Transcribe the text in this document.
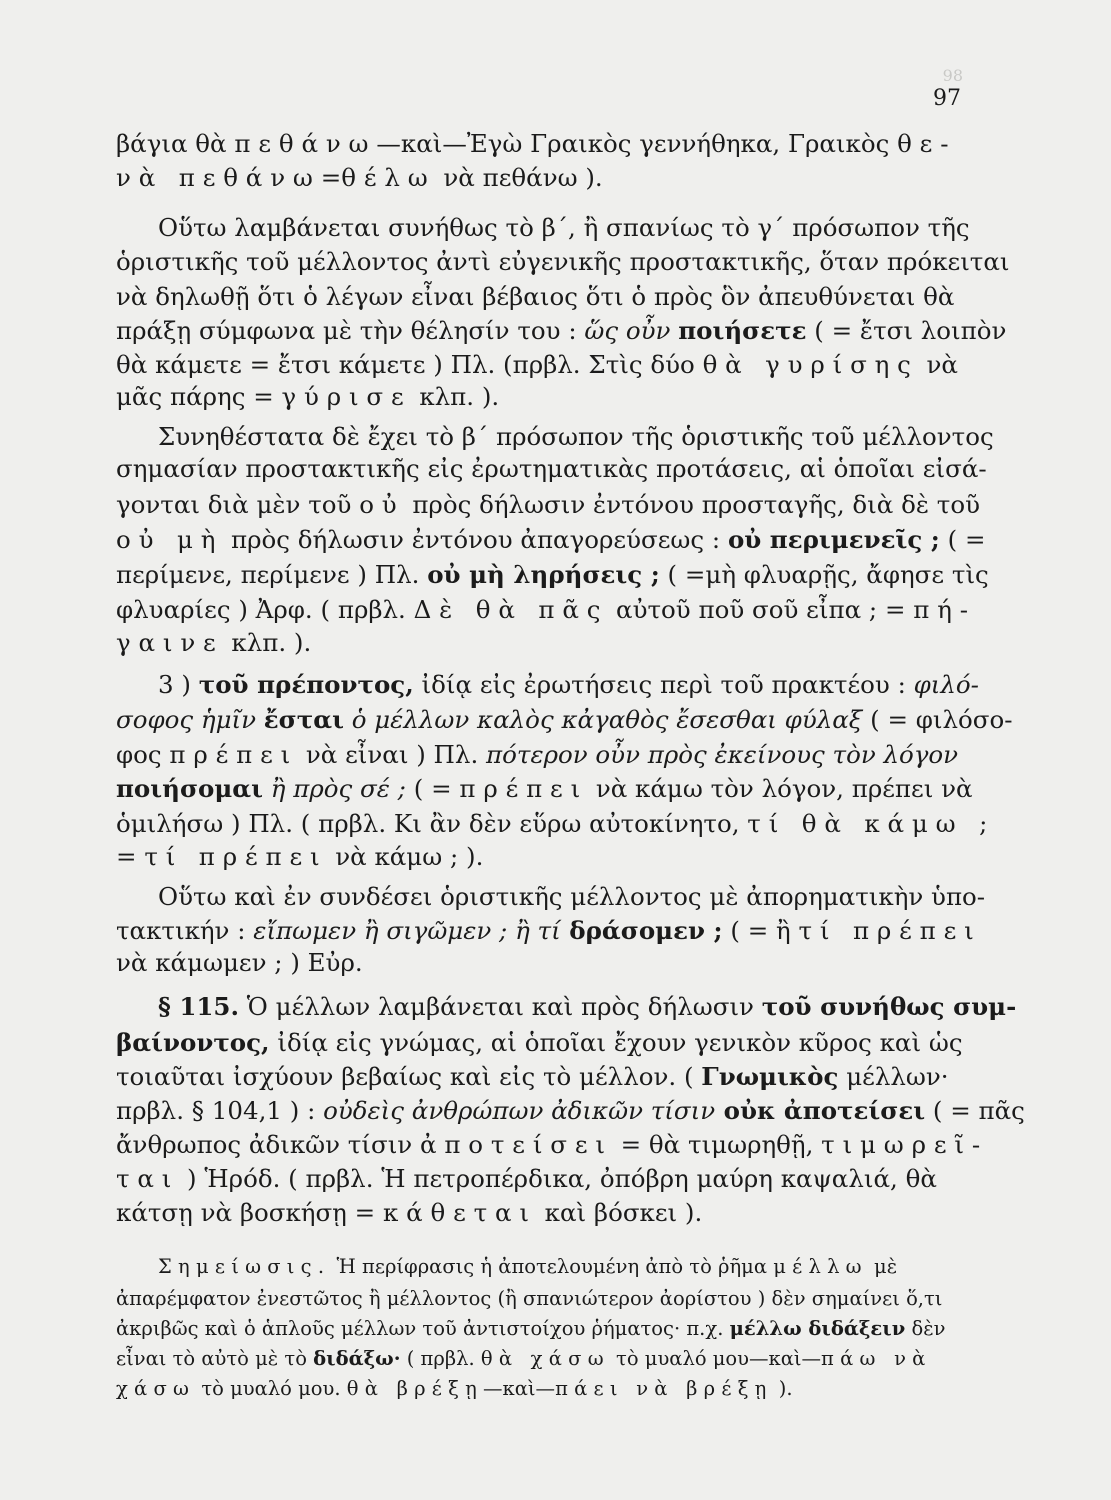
98
97
βάγια θὰ πεθάνω—καὶ—Ἐγὼ Γραικὸς γεννήθηκα, Γραικὸς θε-
νὰ πεθάνω=θέλω νὰ πεθάνω ).
Οὕτω λαμβάνεται συνήθως τὸ β΄, ἢ σπανίως τὸ γ΄ πρόσωπον τῆς
ὁριστικῆς τοῦ μέλλοντος ἀντὶ εὐγενικῆς προστακτικῆς, ὅταν πρόκειται
νὰ δηλωθῇ ὅτι ὁ λέγων εἶναι βέβαιος ὅτι ὁ πρὸς ὃν ἀπευθύνεται θὰ
πράξῃ σύμφωνα μὲ τὴν θέλησίν του : ὥς οὖν ποιήσετε ( = ἔτσι λοιπὸν
θὰ κάμετε = ἔτσι κάμετε ) Πλ. (πρβλ. Στὶς δύο θὰ γυρίσης νὰ
μᾶς πάρης = γύρισε κλπ. ).
Συνηθέστατα δὲ ἔχει τὸ β΄ πρόσωπον τῆς ὁριστικῆς τοῦ μέλλοντος
σημασίαν προστακτικῆς εἰς ἐρωτηματικὰς προτάσεις, αἱ ὁποῖαι εἰσά-
γονται διὰ μὲν τοῦ οὐ πρὸς δήλωσιν ἐντόνου προσταγῆς, διὰ δὲ τοῦ
οὐ μὴ πρὸς δήλωσιν ἐντόνου ἀπαγορεύσεως : οὐ περιμενεῖς ; ( =
περίμενε, περίμενε ) Πλ. οὐ μὴ ληρήσεις ; ( =μὴ φλυαρῇς, ἄφησε τὶς
φλυαρίες ) Ἀρφ. ( πρβλ. Δὲ θὰ πᾶς αὐτοῦ ποῦ σοῦ εἶπα ; = πή-
γαινε κλπ. ).
3 ) τοῦ πρέποντος, ἰδίᾳ εἰς ἐρωτήσεις περὶ τοῦ πρακτέου : φιλό-
σοφος ἡμῖν ἔσται ὁ μέλλων καλὸς κἀγαθὸς ἔσεσθαι φύλαξ ( = φιλόσο-
φος πρέπει νὰ εἶναι ) Πλ. πότερον οὖν πρὸς ἐκείνους τὸν λόγον
ποιήσομαι ἢ πρὸς σέ ; ( = πρέπει νὰ κάμω τὸν λόγον, πρέπει νὰ
ὁμιλήσω ) Πλ. ( πρβλ. Κι ἂν δὲν εὕρω αὐτοκίνητο, τί θὰ κάμω ;
= τί πρέπει νὰ κάμω ; ).
Οὕτω καὶ ἐν συνδέσει ὁριστικῆς μέλλοντος μὲ ἀπορηματικὴν ὑπο-
τακτικήν : εἴπωμεν ἢ σιγῶμεν ; ἢ τί δράσομεν ; ( = ἢ τί πρέπει
νὰ κάμωμεν ; ) Εὐρ.
§ 115. Ὁ μέλλων λαμβάνεται καὶ πρὸς δήλωσιν τοῦ συνήθως συμ-
βαίνοντος, ἰδίᾳ εἰς γνώμας, αἱ ὁποῖαι ἔχουν γενικὸν κῦρος καὶ ὡς
τοιαῦται ἰσχύουν βεβαίως καὶ εἰς τὸ μέλλον. ( Γνωμικὸς μέλλων·
πρβλ. § 104,1 ) : οὐδεὶς ἀνθρώπων ἀδικῶν τίσιν οὐκ ἀποτείσει ( = πᾶς
ἄνθρωπος ἀδικῶν τίσιν ἀποτείσει = θὰ τιμωρηθῇ, τιμωρεῖ-
ται ) Ἡρόδ. ( πρβλ. Ἡ πετροπέρδικα, ὀπόβρη μαύρη καψαλιά, θὰ
κάτσῃ νὰ βοσκήσῃ = κάθεται καὶ βόσκει ).
Σημείωσις. Ἡ περίφρασις ἡ ἀποτελουμένη ἀπὸ τὸ ῥῆμα μέλλω μὲ
ἀπαρέμφατον ἐνεστῶτος ἢ μέλλοντος (ἢ σπανιώτερον ἀορίστου ) δὲν σημαίνει ὅ,τι
ἀκριβῶς καὶ ὁ ἁπλοῦς μέλλων τοῦ ἀντιστοίχου ῥήματος· π.χ. μέλλω διδάξειν δὲν
εἶναι τὸ αὐτὸ μὲ τὸ διδάξω· ( πρβλ. θὰ χάσω τὸ μυαλό μου—καὶ—πάω νὰ
χάσω τὸ μυαλό μου. θὰ βρέξῃ—καὶ—πάει νὰ βρέξῃ ).
